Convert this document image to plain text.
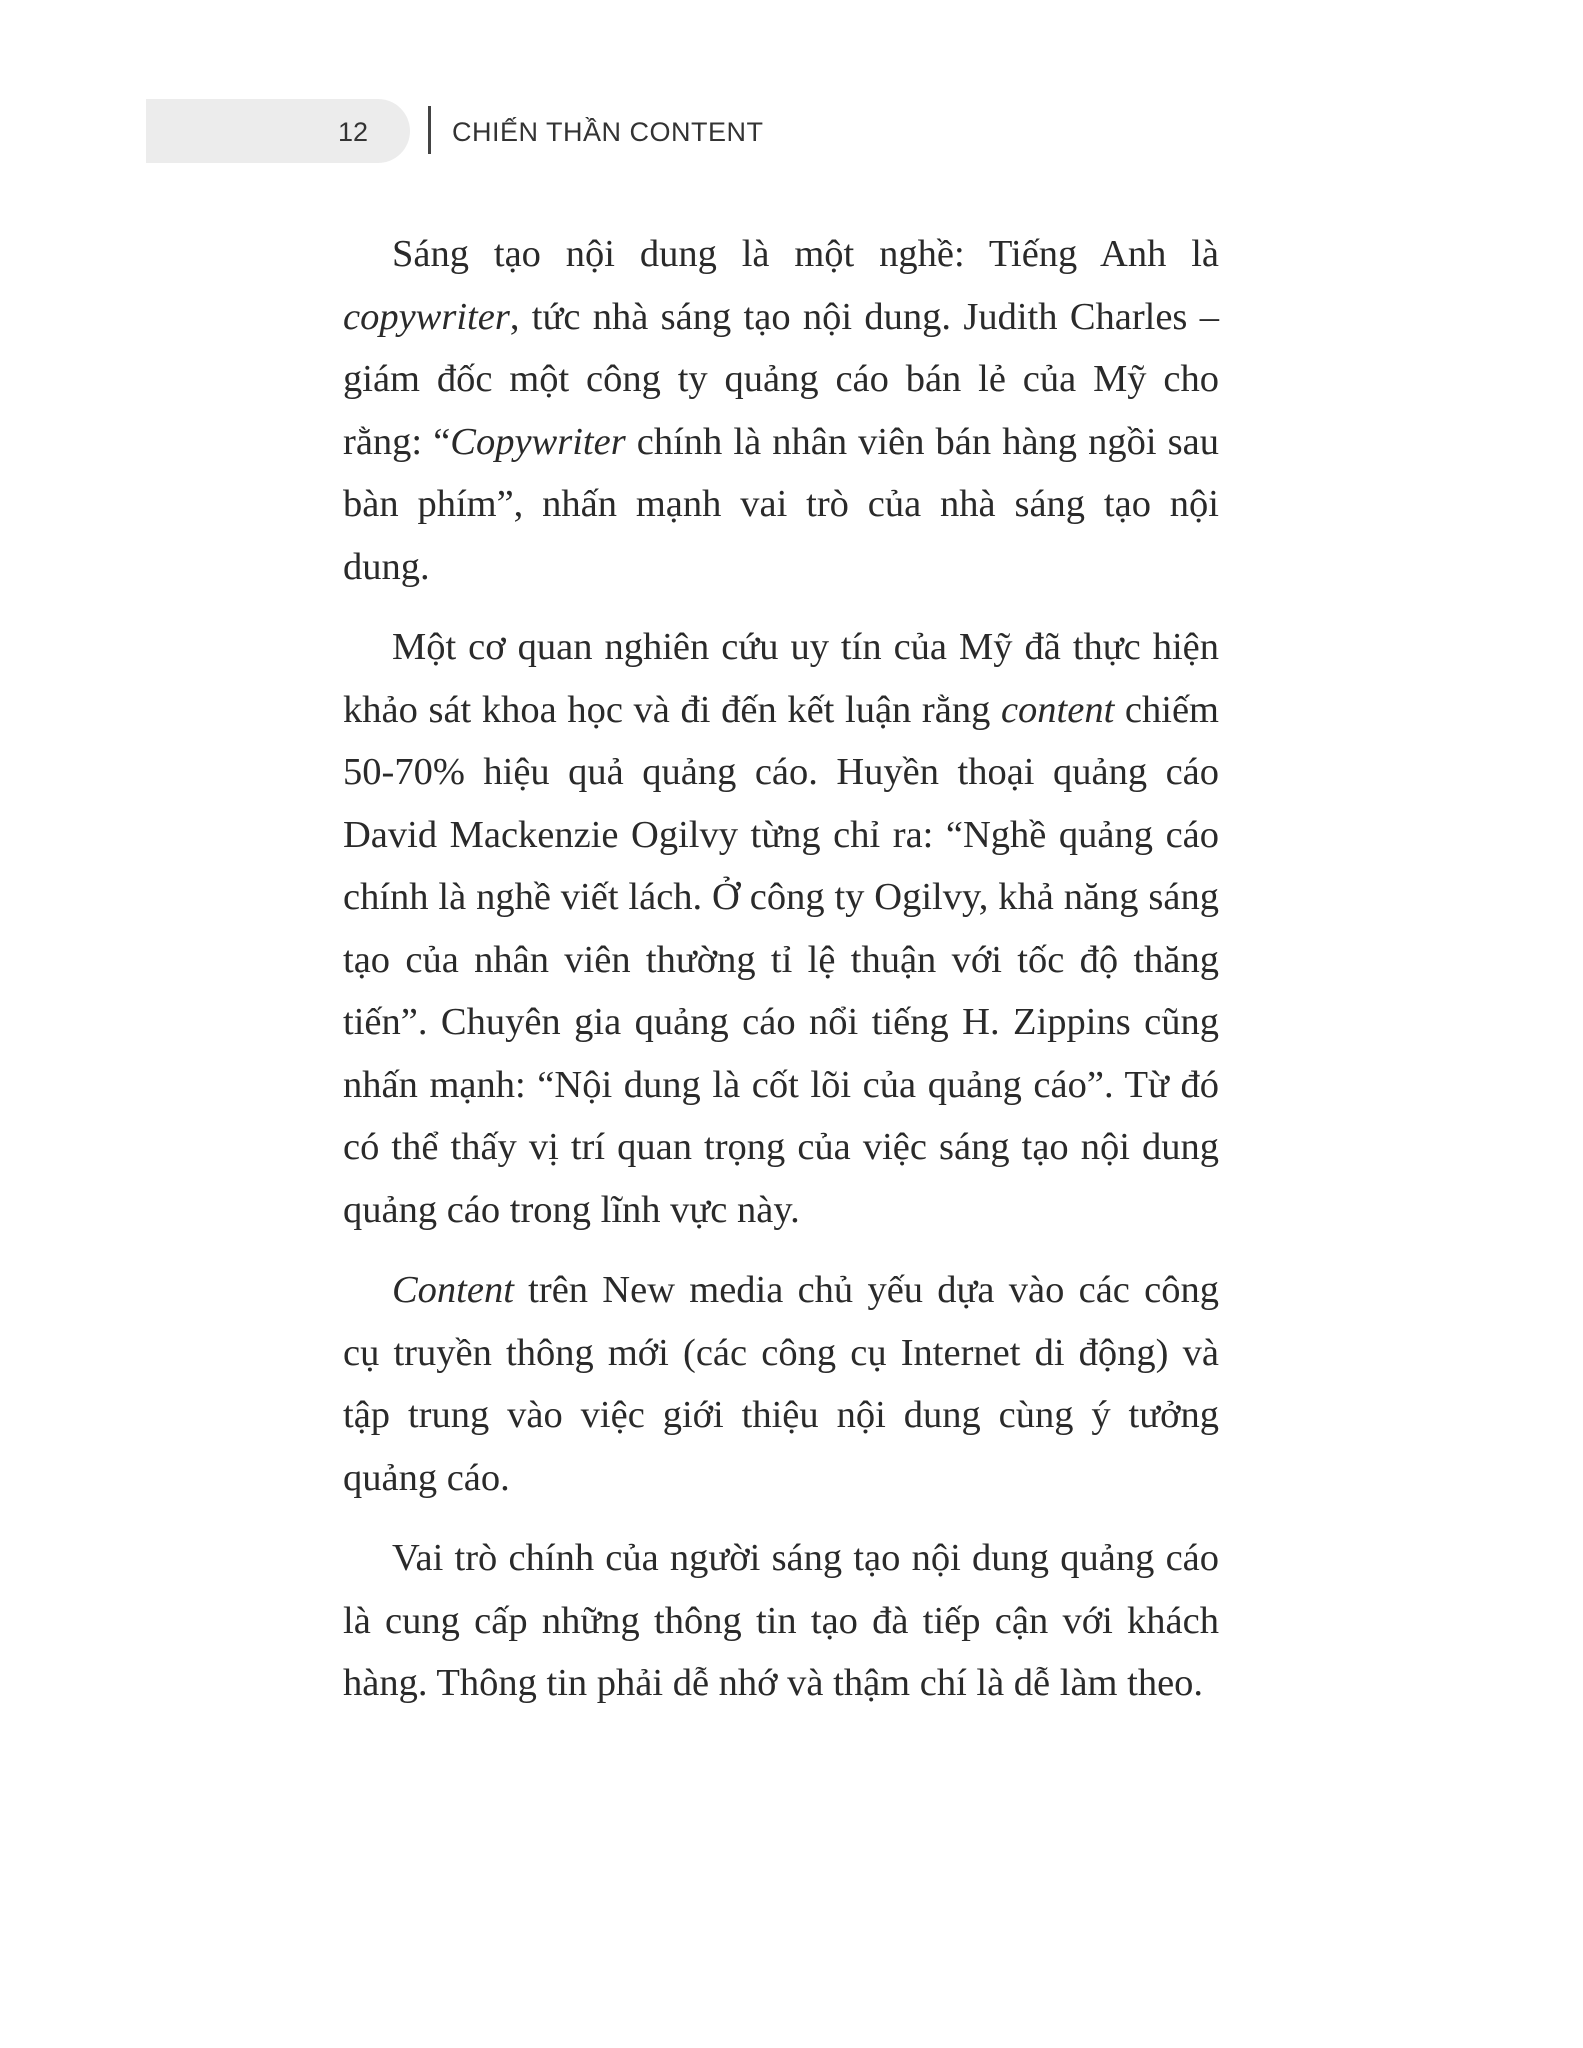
12	CHIẾN THẦN CONTENT

Sáng tạo nội dung là một nghề: Tiếng Anh là copywriter, tức nhà sáng tạo nội dung. Judith Charles – giám đốc một công ty quảng cáo bán lẻ của Mỹ cho rằng: “Copywriter chính là nhân viên bán hàng ngồi sau bàn phím”, nhấn mạnh vai trò của nhà sáng tạo nội dung.

Một cơ quan nghiên cứu uy tín của Mỹ đã thực hiện khảo sát khoa học và đi đến kết luận rằng content chiếm 50-70% hiệu quả quảng cáo. Huyền thoại quảng cáo David Mackenzie Ogilvy từng chỉ ra: “Nghề quảng cáo chính là nghề viết lách. Ở công ty Ogilvy, khả năng sáng tạo của nhân viên thường tỉ lệ thuận với tốc độ thăng tiến”. Chuyên gia quảng cáo nổi tiếng H. Zippins cũng nhấn mạnh: “Nội dung là cốt lõi của quảng cáo”. Từ đó có thể thấy vị trí quan trọng của việc sáng tạo nội dung quảng cáo trong lĩnh vực này.

Content trên New media chủ yếu dựa vào các công cụ truyền thông mới (các công cụ Internet di động) và tập trung vào việc giới thiệu nội dung cùng ý tưởng quảng cáo.

Vai trò chính của người sáng tạo nội dung quảng cáo là cung cấp những thông tin tạo đà tiếp cận với khách hàng. Thông tin phải dễ nhớ và thậm chí là dễ làm theo.
